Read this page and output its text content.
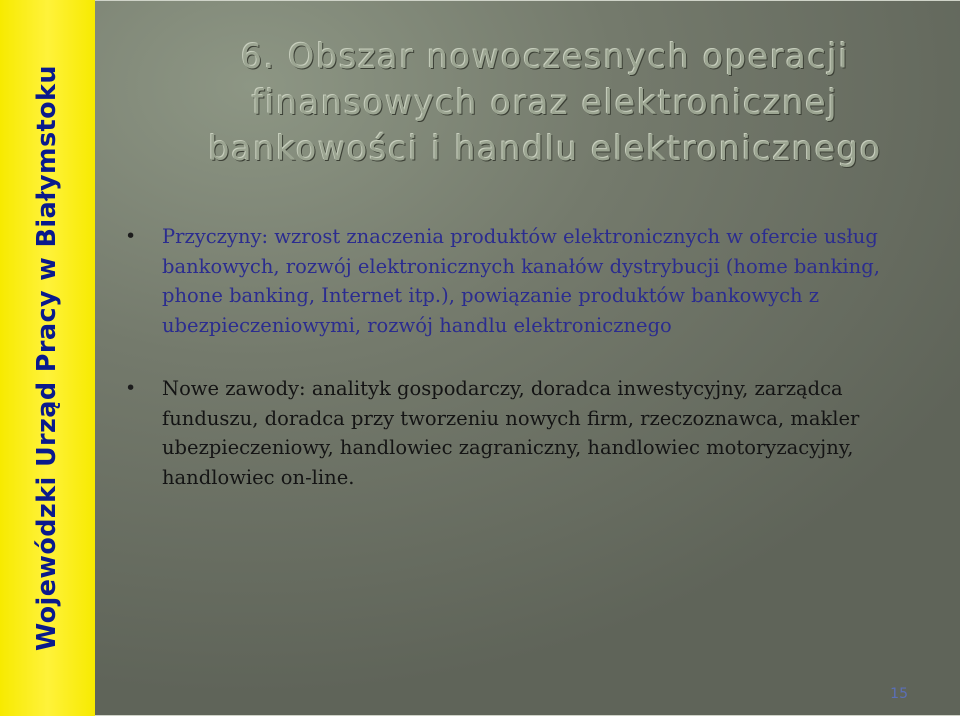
Wojewódzki Urząd Pracy w Białymstoku
6. Obszar nowoczesnych operacji finansowych oraz elektronicznej bankowości i handlu elektronicznego
• Przyczyny: wzrost znaczenia produktów elektronicznych w ofercie usług bankowych, rozwój elektronicznych kanałów dystrybucji (home banking, phone banking, Internet itp.), powiązanie produktów bankowych z ubezpieczeniowymi, rozwój handlu elektronicznego
• Nowe zawody: analityk gospodarczy, doradca inwestycyjny, zarządca funduszu, doradca przy tworzeniu nowych firm, rzeczoznawca, makler ubezpieczeniowy, handlowiec zagraniczny, handlowiec motoryzacyjny, handlowiec on-line.
15
